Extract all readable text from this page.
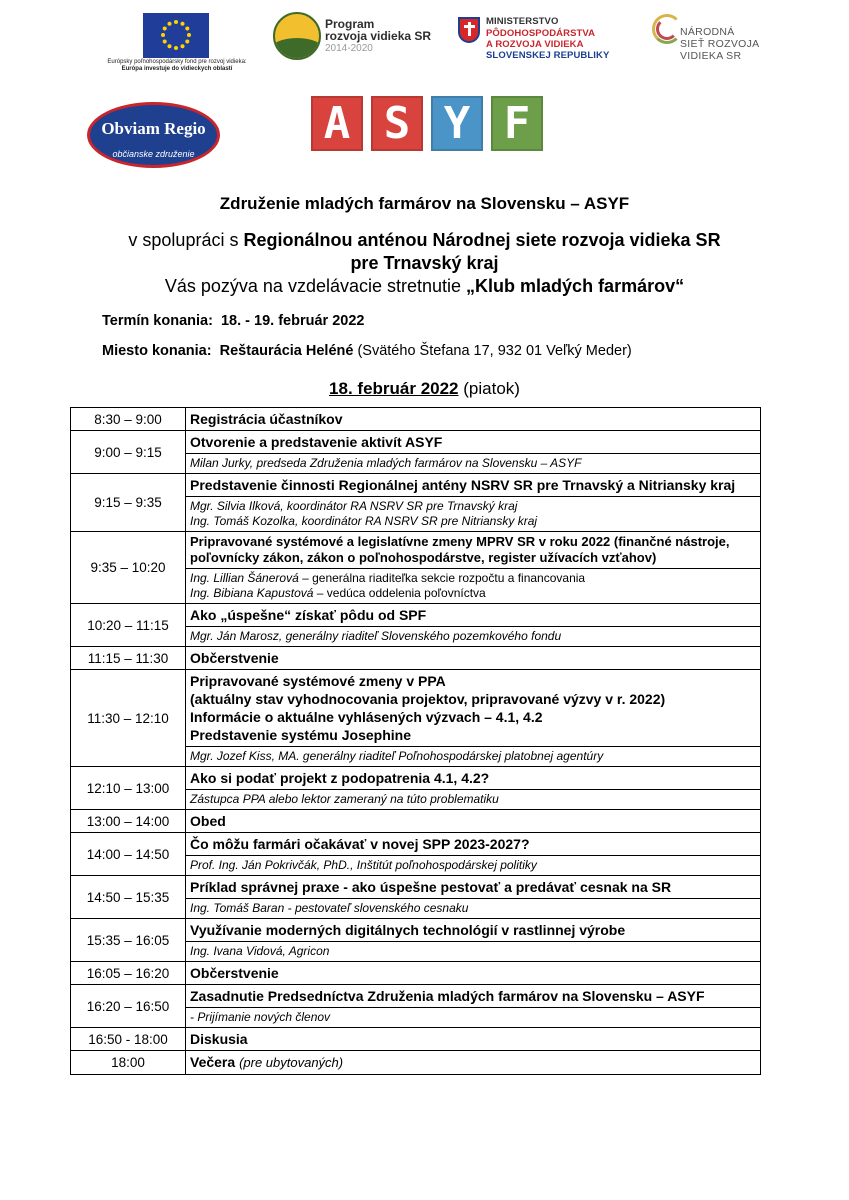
Európsky poľnohospodársky fond pre rozvoj vidieka:
Európa investuje do vidieckych oblastí
Program
rozvoja vidieka SR
2014-2020
MINISTERSTVO
PÔDOHOSPODÁRSTVA
A ROZVOJA VIDIEKA
SLOVENSKEJ REPUBLIKY
NÁRODNÁ
SIEŤ ROZVOJA
VIDIEKA SR
Obviam Regio
občianske združenie
A S Y F
Združenie mladých farmárov na Slovensku – ASYF
v spolupráci s Regionálnou anténou Národnej siete rozvoja vidieka SR
pre Trnavský kraj
Vás pozýva na vzdelávacie stretnutie „Klub mladých farmárov“
Termín konania: 18. - 19. február 2022
Miesto konania: Reštaurácia Heléné (Svätého Štefana 17, 932 01 Veľký Meder)
18. február 2022 (piatok)
8:30 – 9:00	Registrácia účastníkov
9:00 – 9:15	Otvorenie a predstavenie aktivít ASYF
	Milan Jurky, predseda Združenia mladých farmárov na Slovensku – ASYF
9:15 – 9:35	Predstavenie činnosti Regionálnej antény NSRV SR pre Trnavský a Nitriansky kraj

	Mgr. Silvia Ilková, koordinátor RA NSRV SR pre Trnavský kraj
Ing. Tomáš Kozolka, koordinátor RA NSRV SR pre Nitriansky kraj

9:35 – 10:20	Pripravované systémové a legislatívne zmeny MPRV SR v roku 2022 (finančné nástroje, poľovnícky zákon, zákon o poľnohospodárstve, register užívacích vzťahov)

	Ing. Lillian Šánerová – generálna riaditeľka sekcie rozpočtu a financovania
Ing. Bibiana Kapustová – vedúca oddelenia poľovníctva

10:20 – 11:15	Ako „úspešne“ získať pôdu od SPF
	Mgr. Ján Marosz, generálny riaditeľ Slovenského pozemkového fondu
11:15 – 11:30	Občerstvenie
11:30 – 12:10	Pripravované systémové zmeny v PPA
(aktuálny stav vyhodnocovania projektov, pripravované výzvy v r. 2022)
Informácie o aktuálne vyhlásených výzvach – 4.1, 4.2
Predstavenie systému Josephine

	Mgr. Jozef Kiss, MA. generálny riaditeľ Poľnohospodárskej platobnej agentúry
12:10 – 13:00	Ako si podať projekt z podopatrenia 4.1, 4.2?
	Zástupca PPA alebo lektor zameraný na túto problematiku
13:00 – 14:00	Obed
14:00 – 14:50	Čo môžu farmári očakávať v novej SPP 2023-2027?
	Prof. Ing. Ján Pokrivčák, PhD., Inštitút poľnohospodárskej politiky
14:50 – 15:35	Príklad správnej praxe - ako úspešne pestovať a predávať cesnak na SR
	Ing. Tomáš Baran - pestovateľ slovenského cesnaku
15:35 – 16:05	Využívanie moderných digitálnych technológií v rastlinnej výrobe
	Ing. Ivana Vidová, Agricon
16:05 – 16:20	Občerstvenie
16:20 – 16:50	Zasadnutie Predsedníctva Združenia mladých farmárov na Slovensku – ASYF
	- Prijímanie nových členov
16:50 - 18:00	Diskusia
18:00	Večera (pre ubytovaných)
